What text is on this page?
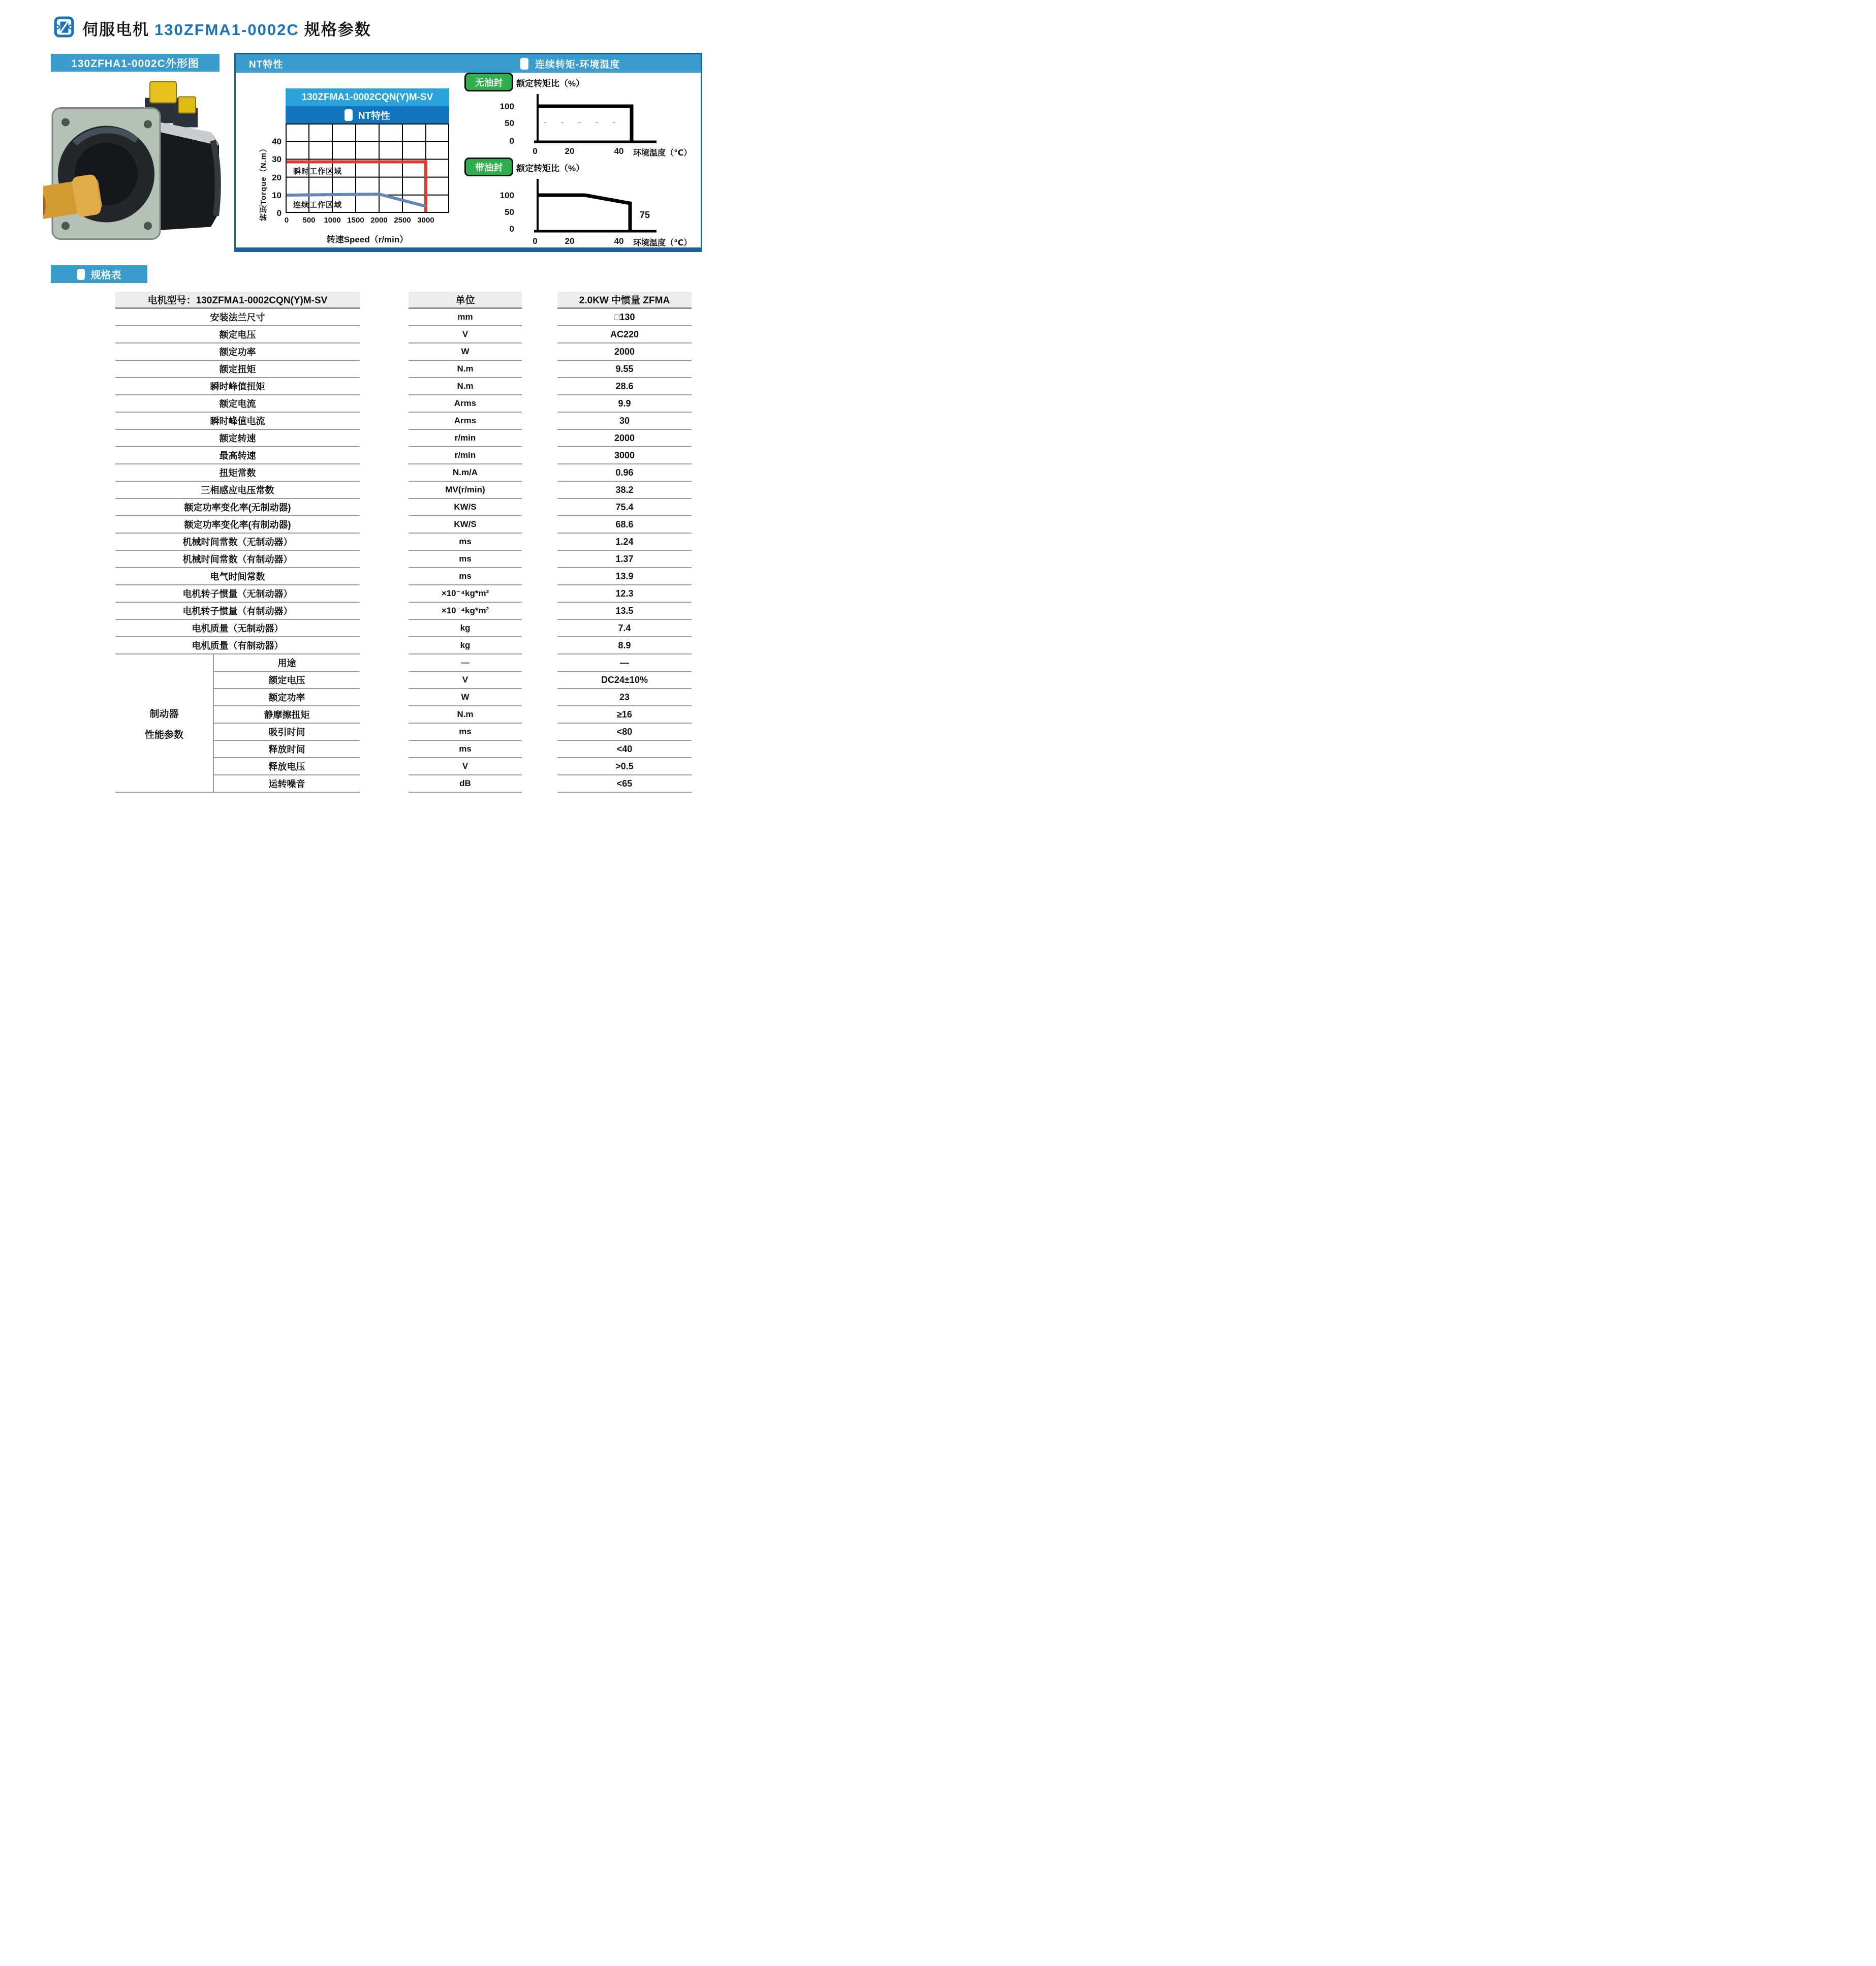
伺服电机 130ZFMA1-0002C 规格参数
130ZFHA1-0002C外形图	NT特性	连续转矩-环境温度
130ZFMA1-0002CQN(Y)M-SV
NT特性
转矩Torque（N.m）
40
30
20
10
0
0 500 1000 1500 2000 2500 3000
转速Speed（r/min）
瞬时工作区域
连续工作区域
无油封	额定转矩比（%）
100
50
0
0	20	40 环境温度（℃）
带油封	额定转矩比（%）
100
50
0
75
0	20	40 环境温度（℃）
规格表
电机型号：130ZFMA1-0002CQN(Y)M-SV	单位	2.0KW 中惯量 ZFMA
安装法兰尺寸	mm	□130
额定电压	V	AC220
额定功率	W	2000
额定扭矩	N.m	9.55
瞬时峰值扭矩	N.m	28.6
额定电流	Arms	9.9
瞬时峰值电流	Arms	30
额定转速	r/min	2000
最高转速	r/min	3000
扭矩常数	N.m/A	0.96
三相感应电压常数	MV(r/min)	38.2
额定功率变化率(无制动器)	KW/S	75.4
额定功率变化率(有制动器)	KW/S	68.6
机械时间常数（无制动器）	ms	1.24
机械时间常数（有制动器）	ms	1.37
电气时间常数	ms	13.9
电机转子惯量（无制动器）	×10⁻⁴kg*m²	12.3
电机转子惯量（有制动器）	×10⁻⁴kg*m²	13.5
电机质量（无制动器）	kg	7.4
电机质量（有制动器）	kg	8.9
用途	—	—
额定电压	V	DC24±10%
额定功率	W	23
静摩擦扭矩	N.m	≥16
吸引时间	ms	<80
释放时间	ms	<40
释放电压	V	>0.5
运转噪音	dB	<65
制动器
性能参数
